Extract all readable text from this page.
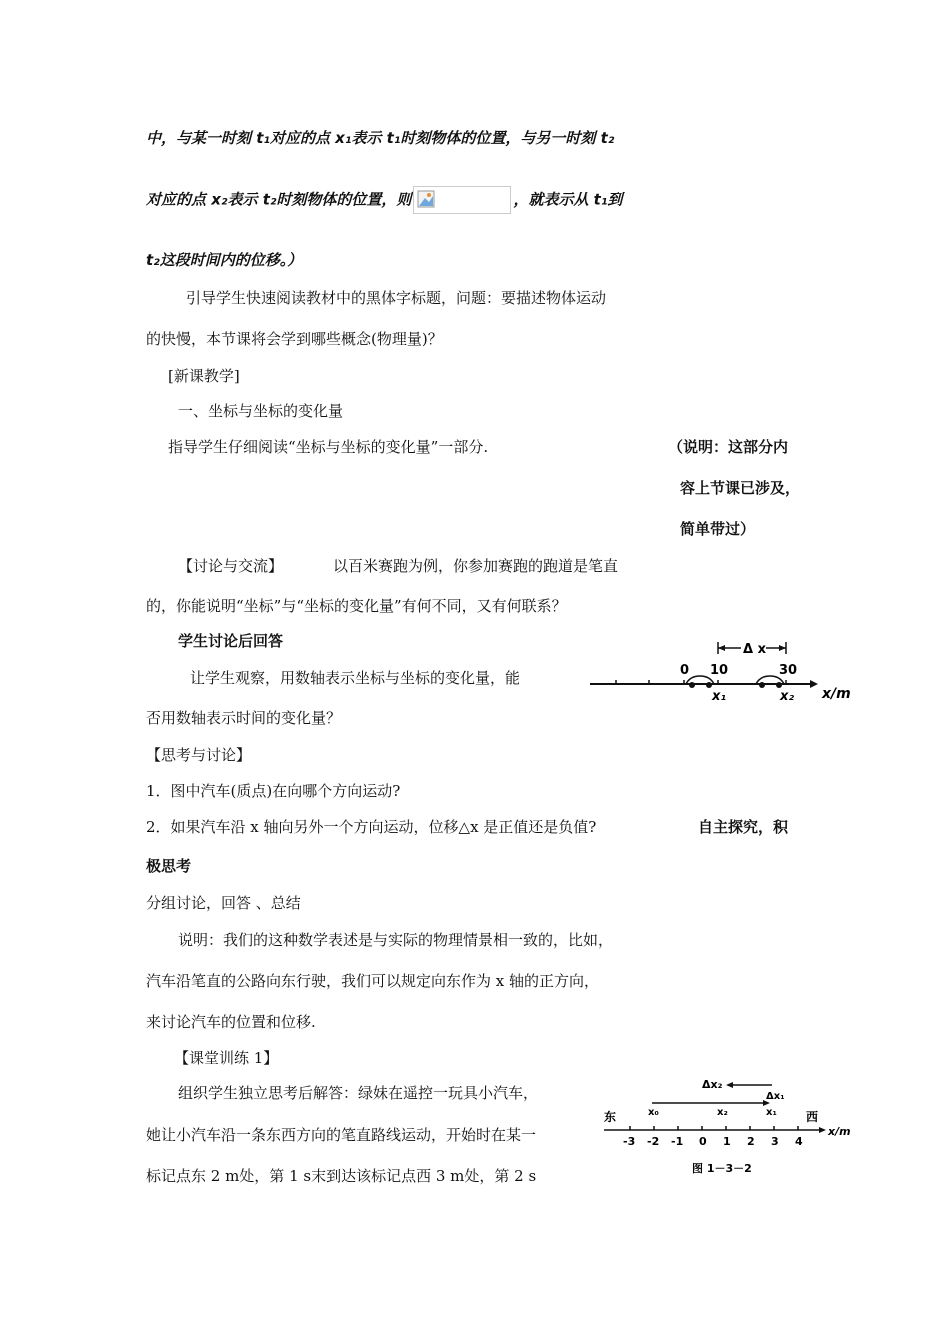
中，与某一时刻 t₁对应的点 x₁表示 t₁时刻物体的位置，与另一时刻 t₂
对应的点 x₂表示 t₂时刻物体的位置，则	，就表示从 t₁到
t₂这段时间内的位移。）
引导学生快速阅读教材中的黑体字标题，问题：要描述物体运动
的快慢，本节课将会学到哪些概念(物理量)？
[新课教学]
一、坐标与坐标的变化量
指导学生仔细阅读“坐标与坐标的变化量”一部分.	（说明：这部分内
容上节课已涉及，
简单带过）
【讨论与交流】	以百米赛跑为例，你参加赛跑的跑道是笔直
的，你能说明“坐标”与“坐标的变化量”有何不同，又有何联系？
学生讨论后回答
让学生观察，用数轴表示坐标与坐标的变化量，能
否用数轴表示时间的变化量？
Δ x
0 10	30
x₁	x₂ x/m
【思考与讨论】
1．图中汽车(质点)在向哪个方向运动?
2．如果汽车沿 x 轴向另外一个方向运动，位移△x 是正值还是负值?	自主探究，积
极思考
分组讨论，回答 、总结
说明：我们的这种数学表述是与实际的物理情景相一致的，比如，
汽车沿笔直的公路向东行驶，我们可以规定向东作为 x 轴的正方向，
来讨论汽车的位置和位移.
【课堂训练 1】
组织学生独立思考后解答：绿妹在遥控一玩具小汽车，
她让小汽车沿一条东西方向的笔直路线运动，开始时在某一
标记点东 2 m处，第 1 s末到达该标记点西 3 m处，第 2 s
Δx₂
Δx₁
东	西
x₀	x₂	x₁
x/m
-3 -2 -1 0 1 2 3 4
图 1－3－2
